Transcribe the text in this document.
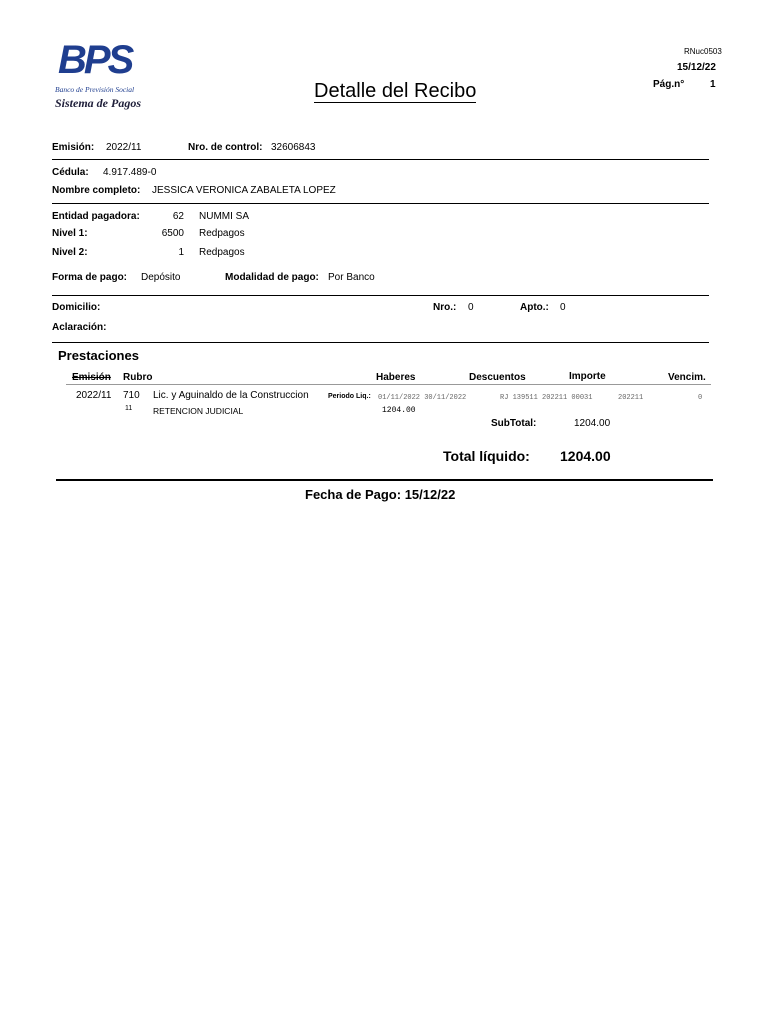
BPS
Banco de Previsión Social
Sistema de Pagos
Detalle del Recibo
RNuc0503
15/12/22
Pág.n°	1
Emisión: 2022/11	Nro. de control: 32606843
Cédula: 4.917.489-0
Nombre completo: JESSICA VERONICA ZABALETA LOPEZ
Entidad pagadora:	62 NUMMI SA
Nivel 1:	6500 Redpagos
Nivel 2:	1 Redpagos
Forma de pago: Depósito	Modalidad de pago: Por Banco
Domicilio:	Nro.: 0	Apto.: 0
Aclaración:
Prestaciones
Emisión Rubro	Haberes	Descuentos	Importe	Vencim.
2022/11 710 Lic. y Aguinaldo de la Construccion	Periodo Liq.: 01/11/2022 30/11/2022	RJ 139511 202211 00031	202211	0
11 RETENCION JUDICIAL	1204.00
SubTotal:	1204.00
Total líquido: 1204.00
Fecha de Pago: 15/12/22
